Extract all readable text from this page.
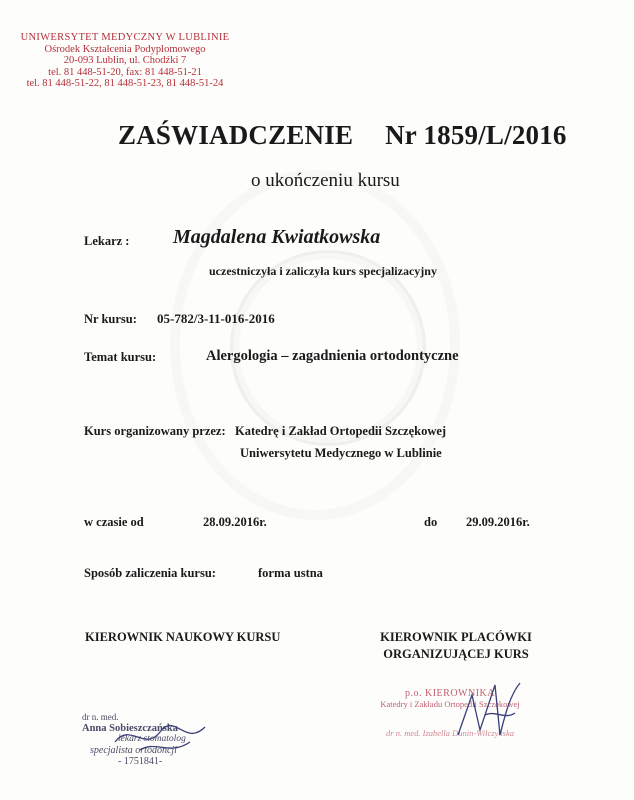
UNIWERSYTET MEDYCZNY W LUBLINIE
Ośrodek Kształcenia Podyplomowego
20-093 Lublin, ul. Chodźki 7
tel. 81 448-51-20, fax: 81 448-51-21
tel. 81 448-51-22, 81 448-51-23, 81 448-51-24
ZAŚWIADCZENIE Nr 1859/L/2016
o ukończeniu kursu
Lekarz : Magdalena Kwiatkowska
uczestniczyła i zaliczyła kurs specjalizacyjny
Nr kursu: 05-782/3-11-016-2016
Temat kursu:	Alergologia – zagadnienia ortodontyczne
Kurs organizowany przez: Katedrę i Zakład Ortopedii Szczękowej
Uniwersytetu Medycznego w Lublinie
w czasie od	28.09.2016r.	do 29.09.2016r.
Sposób zaliczenia kursu:	forma ustna
KIEROWNIK NAUKOWY KURSU	KIEROWNIK PLACÓWKI
ORGANIZUJĄCEJ KURS
dr n. med.
Anna Sobieszczańska
lekarz stomatolog
specjalista ortodoncji
- 1751841-
p.o. KIEROWNIKA
Katedry i Zakładu Ortopedii Szczękowej
dr n. med. Izabella Dunin-Wilczyńska
